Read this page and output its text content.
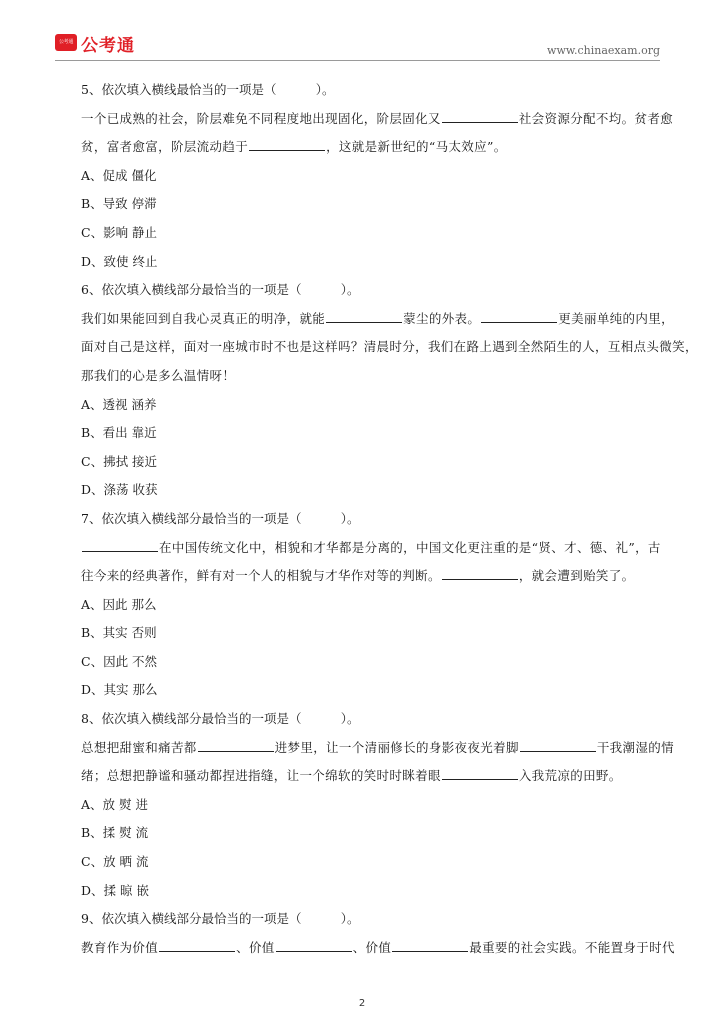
公考通 公考通	www.chinaexam.org

5、依次填入横线最恰当的一项是（	）。

一个已成熟的社会，阶层难免不同程度地出现固化，阶层固化又	社会资源分配不均。贫者愈

贫，富者愈富，阶层流动趋于	，这就是新世纪的“马太效应”。

A、促成 僵化

B、导致 停滞

C、影响 静止

D、致使 终止

6、依次填入横线部分最恰当的一项是（	）。

我们如果能回到自我心灵真正的明净，就能	蒙尘的外表。	更美丽单纯的内里，

面对自己是这样，面对一座城市时不也是这样吗？清晨时分，我们在路上遇到全然陌生的人，互相点头微笑，

那我们的心是多么温情呀！

A、透视 涵养

B、看出 靠近

C、拂拭 接近

D、涤荡 收获

7、依次填入横线部分最恰当的一项是（	）。

在中国传统文化中，相貌和才华都是分离的，中国文化更注重的是“贤、才、德、礼”，古

往今来的经典著作，鲜有对一个人的相貌与才华作对等的判断。	，就会遭到贻笑了。

A、因此 那么

B、其实 否则

C、因此 不然

D、其实 那么

8、依次填入横线部分最恰当的一项是（	）。

总想把甜蜜和痛苦都	进梦里，让一个清丽修长的身影夜夜光着脚	干我潮湿的情

绪；总想把静谧和骚动都捏进指缝，让一个绵软的笑时时眯着眼	入我荒凉的田野。

A、放 熨 进

B、揉 熨 流

C、放 晒 流

D、揉 晾 嵌

9、依次填入横线部分最恰当的一项是（	）。

教育作为价值	、价值	、价值	最重要的社会实践。不能置身于时代

2
